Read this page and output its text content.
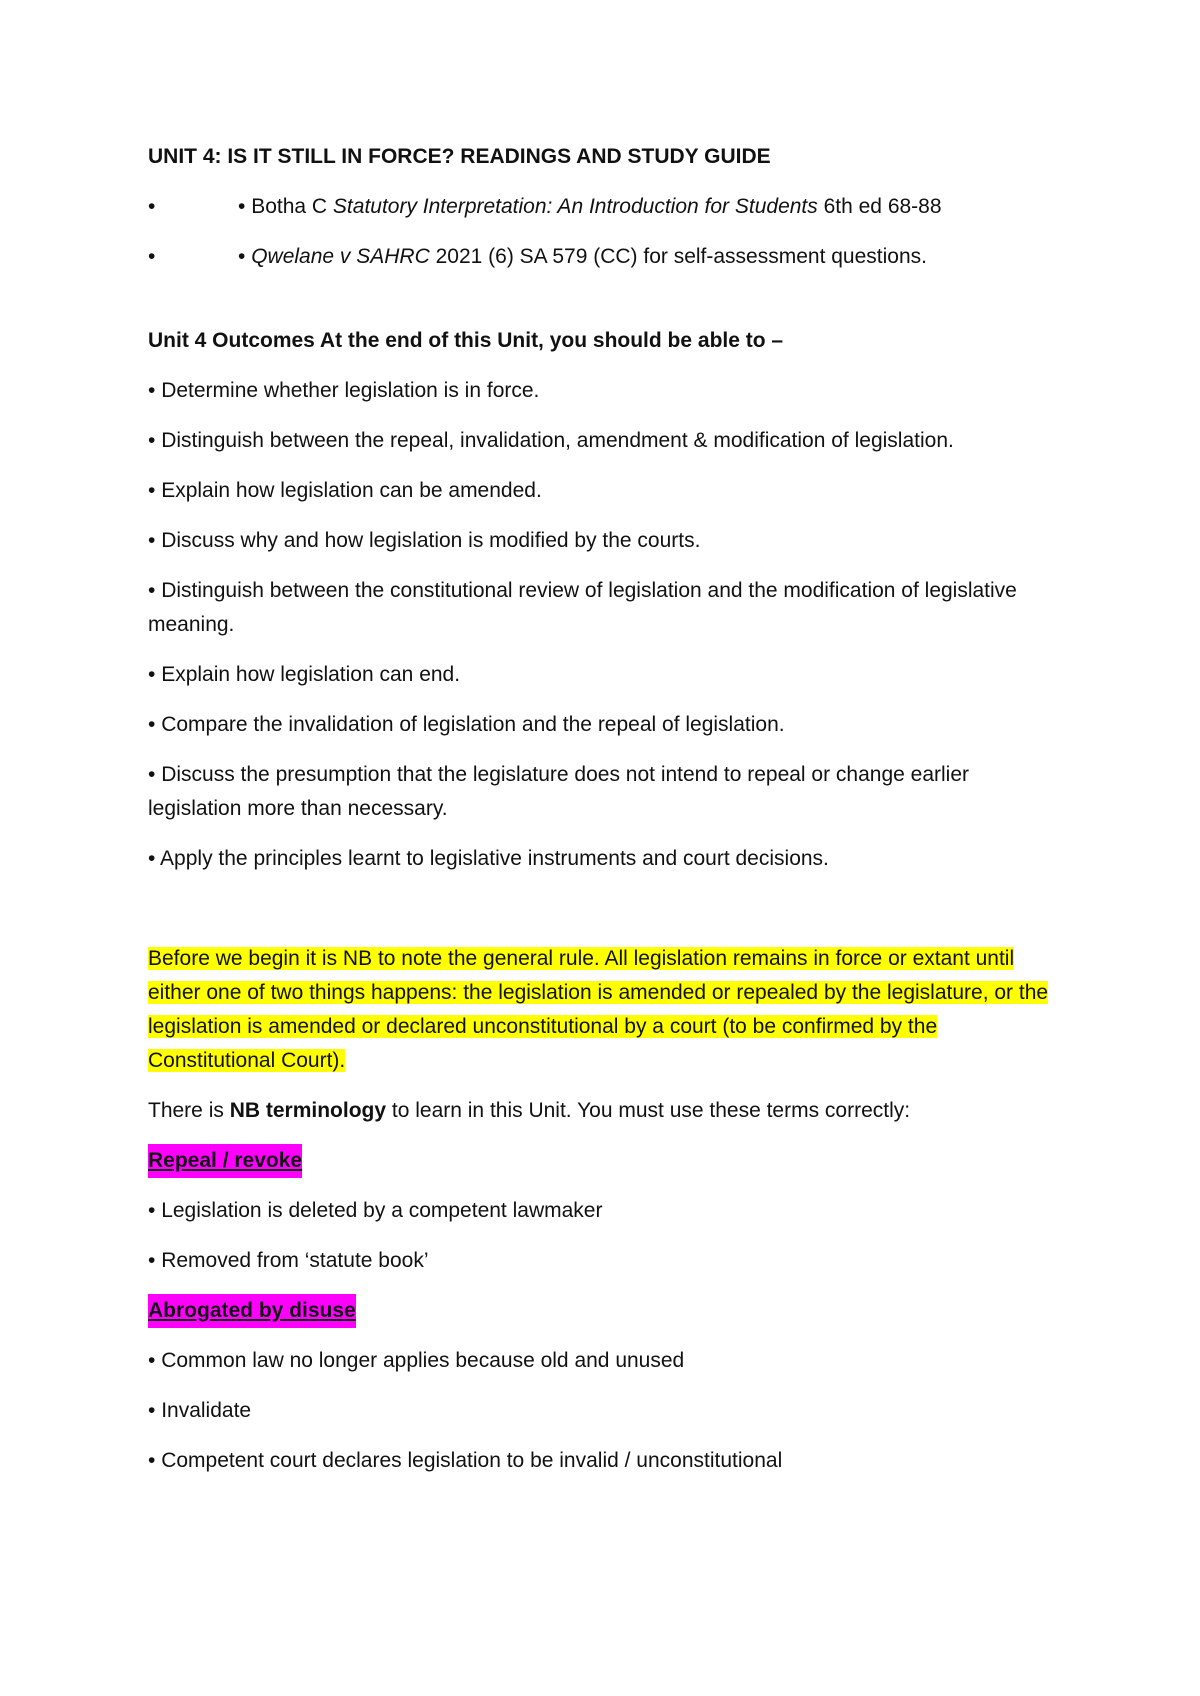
UNIT 4: IS IT STILL IN FORCE? READINGS AND STUDY GUIDE

•	• Botha C Statutory Interpretation: An Introduction for Students 6th ed 68-88

•	• Qwelane v SAHRC 2021 (6) SA 579 (CC) for self-assessment questions.

Unit 4 Outcomes At the end of this Unit, you should be able to –

• Determine whether legislation is in force.

• Distinguish between the repeal, invalidation, amendment & modification of legislation.

• Explain how legislation can be amended.

• Discuss why and how legislation is modified by the courts.

• Distinguish between the constitutional review of legislation and the modification of legislative meaning.

• Explain how legislation can end.

• Compare the invalidation of legislation and the repeal of legislation.

• Discuss the presumption that the legislature does not intend to repeal or change earlier legislation more than necessary.

• Apply the principles learnt to legislative instruments and court decisions.

Before we begin it is NB to note the general rule. All legislation remains in force or extant until either one of two things happens: the legislation is amended or repealed by the legislature, or the legislation is amended or declared unconstitutional by a court (to be confirmed by the Constitutional Court).

There is NB terminology to learn in this Unit. You must use these terms correctly:

Repeal / revoke

• Legislation is deleted by a competent lawmaker

• Removed from ‘statute book’

Abrogated by disuse

• Common law no longer applies because old and unused

• Invalidate

• Competent court declares legislation to be invalid / unconstitutional
